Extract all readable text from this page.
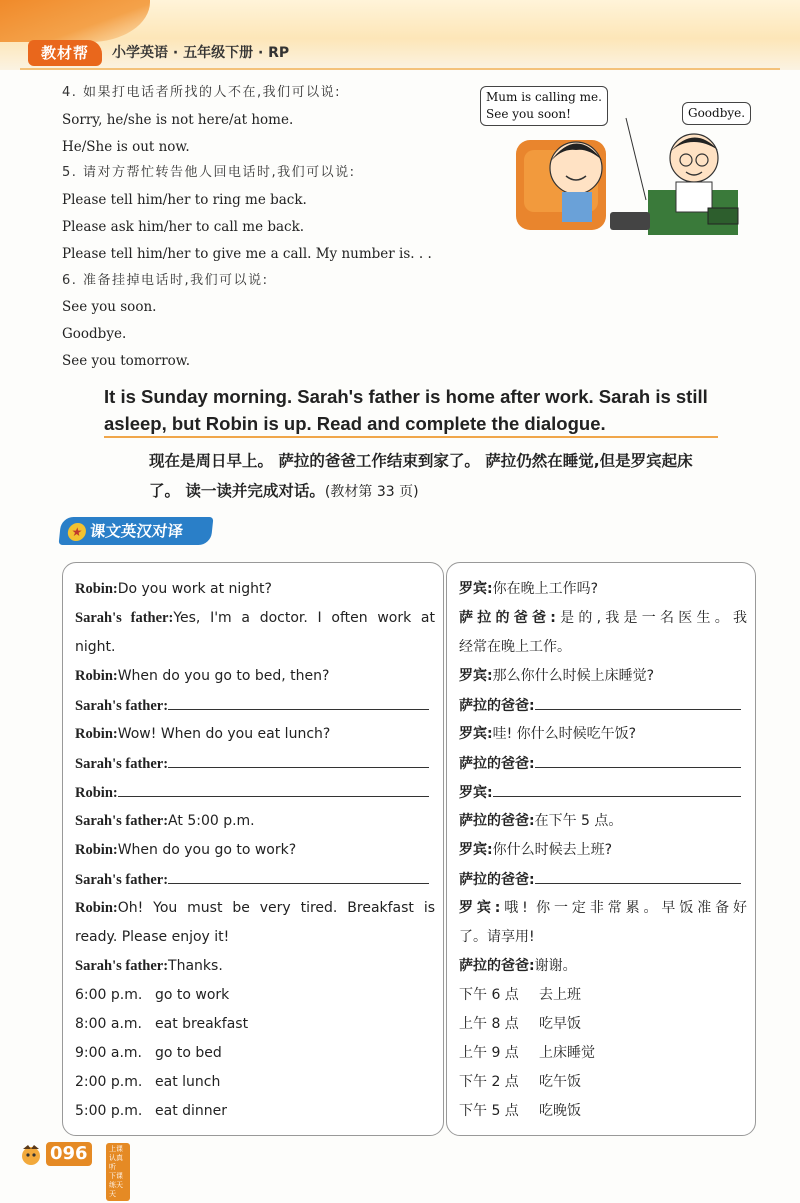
教材帮	小学英语 · 五年级下册 · RP
4. 如果打电话者所找的人不在,我们可以说:
Sorry, he/she is not here/at home.
He/She is out now.
5. 请对方帮忙转告他人回电话时,我们可以说:
Please tell him/her to ring me back.
Please ask him/her to call me back.
Please tell him/her to give me a call. My number is. . .
6. 准备挂掉电话时,我们可以说:
See you soon.
Goodbye.
See you tomorrow.
Mum is calling me.
See you soon!	Goodbye.
It is Sunday morning. Sarah's father is home after work. Sarah is still asleep, but Robin is up. Read and complete the dialogue.
现在是周日早上。 萨拉的爸爸工作结束到家了。 萨拉仍然在睡觉,但是罗宾起床了。 读一读并完成对话。(教材第 33 页)
★ 课文英汉对译
Robin:Do you work at night?
Sarah's father:Yes, I'm a doctor. I often work at
night.
Robin:When do you go to bed, then?
Sarah's father:
Robin:Wow! When do you eat lunch?
Sarah's father:
Robin:
Sarah's father:At 5:00 p.m.
Robin:When do you go to work?
Sarah's father:
Robin:Oh! You must be very tired. Breakfast is
ready. Please enjoy it!
Sarah's father:Thanks.
6:00 p.m. go to work
8:00 a.m. eat breakfast
9:00 a.m. go to bed
2:00 p.m. eat lunch
5:00 p.m. eat dinner
罗宾:你在晚上工作吗?
萨拉的爸爸:是的,我是一名医生。我
经常在晚上工作。
罗宾:那么你什么时候上床睡觉?
萨拉的爸爸:
罗宾:哇! 你什么时候吃午饭?
萨拉的爸爸:
罗宾:
萨拉的爸爸:在下午 5 点。
罗宾:你什么时候去上班?
萨拉的爸爸:
罗宾:哦! 你一定非常累。早饭准备好
了。请享用!
萨拉的爸爸:谢谢。
下午 6 点 去上班
上午 8 点 吃早饭
上午 9 点 上床睡觉
下午 2 点 吃午饭
下午 5 点 吃晚饭
096	上课认真听
下课练天天
